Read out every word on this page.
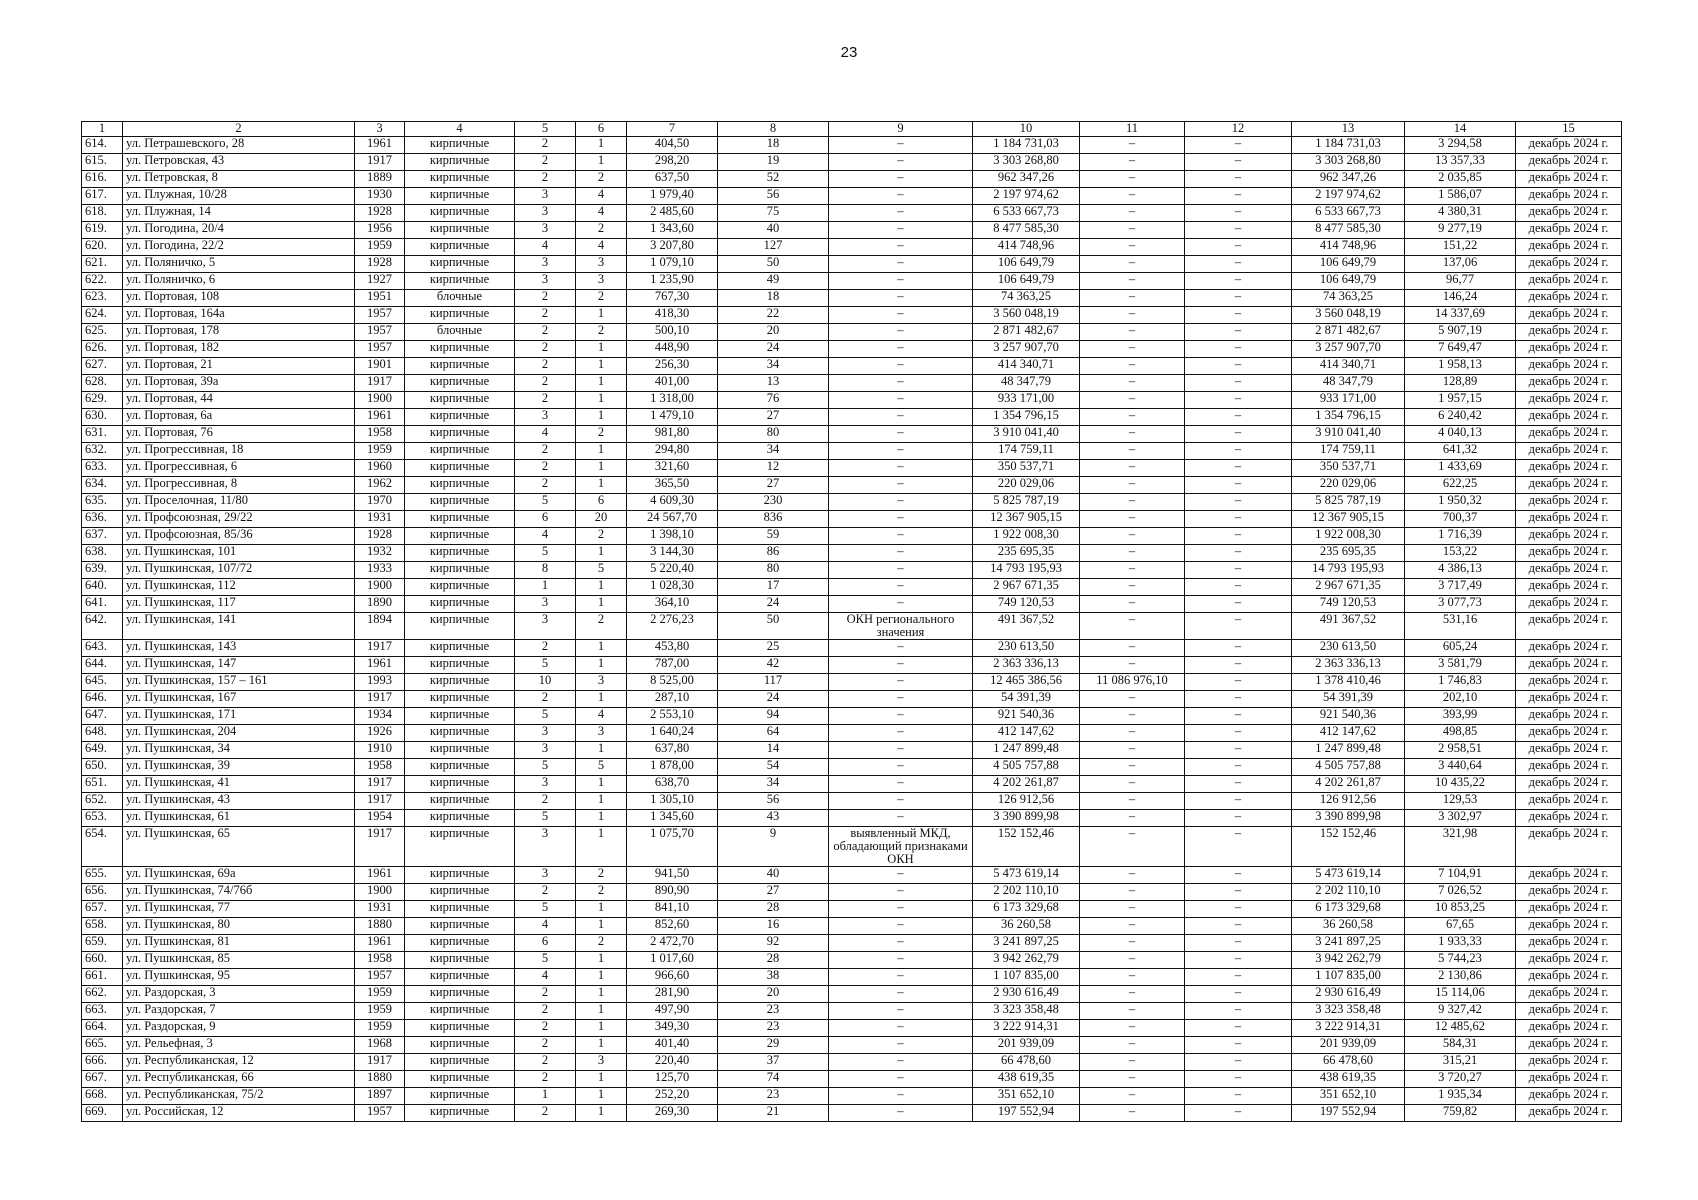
23
1	2	3	4	5	6	7	8	9	10	11	12	13	14	15
614.	ул. Петрашевского, 28	1961	кирпичные	2	1	404,50	18	–	1 184 731,03	–	–	1 184 731,03	3 294,58	декабрь 2024 г.
615.	ул. Петровская, 43	1917	кирпичные	2	1	298,20	19	–	3 303 268,80	–	–	3 303 268,80	13 357,33	декабрь 2024 г.
616.	ул. Петровская, 8	1889	кирпичные	2	2	637,50	52	–	962 347,26	–	–	962 347,26	2 035,85	декабрь 2024 г.
617.	ул. Плужная, 10/28	1930	кирпичные	3	4	1 979,40	56	–	2 197 974,62	–	–	2 197 974,62	1 586,07	декабрь 2024 г.
618.	ул. Плужная, 14	1928	кирпичные	3	4	2 485,60	75	–	6 533 667,73	–	–	6 533 667,73	4 380,31	декабрь 2024 г.
619.	ул. Погодина, 20/4	1956	кирпичные	3	2	1 343,60	40	–	8 477 585,30	–	–	8 477 585,30	9 277,19	декабрь 2024 г.
620.	ул. Погодина, 22/2	1959	кирпичные	4	4	3 207,80	127	–	414 748,96	–	–	414 748,96	151,22	декабрь 2024 г.
621.	ул. Поляничко, 5	1928	кирпичные	3	3	1 079,10	50	–	106 649,79	–	–	106 649,79	137,06	декабрь 2024 г.
622.	ул. Поляничко, 6	1927	кирпичные	3	3	1 235,90	49	–	106 649,79	–	–	106 649,79	96,77	декабрь 2024 г.
623.	ул. Портовая, 108	1951	блочные	2	2	767,30	18	–	74 363,25	–	–	74 363,25	146,24	декабрь 2024 г.
624.	ул. Портовая, 164а	1957	кирпичные	2	1	418,30	22	–	3 560 048,19	–	–	3 560 048,19	14 337,69	декабрь 2024 г.
625.	ул. Портовая, 178	1957	блочные	2	2	500,10	20	–	2 871 482,67	–	–	2 871 482,67	5 907,19	декабрь 2024 г.
626.	ул. Портовая, 182	1957	кирпичные	2	1	448,90	24	–	3 257 907,70	–	–	3 257 907,70	7 649,47	декабрь 2024 г.
627.	ул. Портовая, 21	1901	кирпичные	2	1	256,30	34	–	414 340,71	–	–	414 340,71	1 958,13	декабрь 2024 г.
628.	ул. Портовая, 39а	1917	кирпичные	2	1	401,00	13	–	48 347,79	–	–	48 347,79	128,89	декабрь 2024 г.
629.	ул. Портовая, 44	1900	кирпичные	2	1	1 318,00	76	–	933 171,00	–	–	933 171,00	1 957,15	декабрь 2024 г.
630.	ул. Портовая, 6а	1961	кирпичные	3	1	1 479,10	27	–	1 354 796,15	–	–	1 354 796,15	6 240,42	декабрь 2024 г.
631.	ул. Портовая, 76	1958	кирпичные	4	2	981,80	80	–	3 910 041,40	–	–	3 910 041,40	4 040,13	декабрь 2024 г.
632.	ул. Прогрессивная, 18	1959	кирпичные	2	1	294,80	34	–	174 759,11	–	–	174 759,11	641,32	декабрь 2024 г.
633.	ул. Прогрессивная, 6	1960	кирпичные	2	1	321,60	12	–	350 537,71	–	–	350 537,71	1 433,69	декабрь 2024 г.
634.	ул. Прогрессивная, 8	1962	кирпичные	2	1	365,50	27	–	220 029,06	–	–	220 029,06	622,25	декабрь 2024 г.
635.	ул. Проселочная, 11/80	1970	кирпичные	5	6	4 609,30	230	–	5 825 787,19	–	–	5 825 787,19	1 950,32	декабрь 2024 г.
636.	ул. Профсоюзная, 29/22	1931	кирпичные	6	20	24 567,70	836	–	12 367 905,15	–	–	12 367 905,15	700,37	декабрь 2024 г.
637.	ул. Профсоюзная, 85/36	1928	кирпичные	4	2	1 398,10	59	–	1 922 008,30	–	–	1 922 008,30	1 716,39	декабрь 2024 г.
638.	ул. Пушкинская, 101	1932	кирпичные	5	1	3 144,30	86	–	235 695,35	–	–	235 695,35	153,22	декабрь 2024 г.
639.	ул. Пушкинская, 107/72	1933	кирпичные	8	5	5 220,40	80	–	14 793 195,93	–	–	14 793 195,93	4 386,13	декабрь 2024 г.
640.	ул. Пушкинская, 112	1900	кирпичные	1	1	1 028,30	17	–	2 967 671,35	–	–	2 967 671,35	3 717,49	декабрь 2024 г.
641.	ул. Пушкинская, 117	1890	кирпичные	3	1	364,10	24	–	749 120,53	–	–	749 120,53	3 077,73	декабрь 2024 г.
642.	ул. Пушкинская, 141	1894	кирпичные	3	2	2 276,23	50	ОКН регионального значения	491 367,52	–	–	491 367,52	531,16	декабрь 2024 г.
643.	ул. Пушкинская, 143	1917	кирпичные	2	1	453,80	25	–	230 613,50	–	–	230 613,50	605,24	декабрь 2024 г.
644.	ул. Пушкинская, 147	1961	кирпичные	5	1	787,00	42	–	2 363 336,13	–	–	2 363 336,13	3 581,79	декабрь 2024 г.
645.	ул. Пушкинская, 157 – 161	1993	кирпичные	10	3	8 525,00	117	–	12 465 386,56	11 086 976,10	–	1 378 410,46	1 746,83	декабрь 2024 г.
646.	ул. Пушкинская, 167	1917	кирпичные	2	1	287,10	24	–	54 391,39	–	–	54 391,39	202,10	декабрь 2024 г.
647.	ул. Пушкинская, 171	1934	кирпичные	5	4	2 553,10	94	–	921 540,36	–	–	921 540,36	393,99	декабрь 2024 г.
648.	ул. Пушкинская, 204	1926	кирпичные	3	3	1 640,24	64	–	412 147,62	–	–	412 147,62	498,85	декабрь 2024 г.
649.	ул. Пушкинская, 34	1910	кирпичные	3	1	637,80	14	–	1 247 899,48	–	–	1 247 899,48	2 958,51	декабрь 2024 г.
650.	ул. Пушкинская, 39	1958	кирпичные	5	5	1 878,00	54	–	4 505 757,88	–	–	4 505 757,88	3 440,64	декабрь 2024 г.
651.	ул. Пушкинская, 41	1917	кирпичные	3	1	638,70	34	–	4 202 261,87	–	–	4 202 261,87	10 435,22	декабрь 2024 г.
652.	ул. Пушкинская, 43	1917	кирпичные	2	1	1 305,10	56	–	126 912,56	–	–	126 912,56	129,53	декабрь 2024 г.
653.	ул. Пушкинская, 61	1954	кирпичные	5	1	1 345,60	43	–	3 390 899,98	–	–	3 390 899,98	3 302,97	декабрь 2024 г.
654.	ул. Пушкинская, 65	1917	кирпичные	3	1	1 075,70	9	выявленный МКД, обладающий признаками ОКН	152 152,46	–	–	152 152,46	321,98	декабрь 2024 г.
655.	ул. Пушкинская, 69а	1961	кирпичные	3	2	941,50	40	–	5 473 619,14	–	–	5 473 619,14	7 104,91	декабрь 2024 г.
656.	ул. Пушкинская, 74/76б	1900	кирпичные	2	2	890,90	27	–	2 202 110,10	–	–	2 202 110,10	7 026,52	декабрь 2024 г.
657.	ул. Пушкинская, 77	1931	кирпичные	5	1	841,10	28	–	6 173 329,68	–	–	6 173 329,68	10 853,25	декабрь 2024 г.
658.	ул. Пушкинская, 80	1880	кирпичные	4	1	852,60	16	–	36 260,58	–	–	36 260,58	67,65	декабрь 2024 г.
659.	ул. Пушкинская, 81	1961	кирпичные	6	2	2 472,70	92	–	3 241 897,25	–	–	3 241 897,25	1 933,33	декабрь 2024 г.
660.	ул. Пушкинская, 85	1958	кирпичные	5	1	1 017,60	28	–	3 942 262,79	–	–	3 942 262,79	5 744,23	декабрь 2024 г.
661.	ул. Пушкинская, 95	1957	кирпичные	4	1	966,60	38	–	1 107 835,00	–	–	1 107 835,00	2 130,86	декабрь 2024 г.
662.	ул. Раздорская, 3	1959	кирпичные	2	1	281,90	20	–	2 930 616,49	–	–	2 930 616,49	15 114,06	декабрь 2024 г.
663.	ул. Раздорская, 7	1959	кирпичные	2	1	497,90	23	–	3 323 358,48	–	–	3 323 358,48	9 327,42	декабрь 2024 г.
664.	ул. Раздорская, 9	1959	кирпичные	2	1	349,30	23	–	3 222 914,31	–	–	3 222 914,31	12 485,62	декабрь 2024 г.
665.	ул. Рельефная, 3	1968	кирпичные	2	1	401,40	29	–	201 939,09	–	–	201 939,09	584,31	декабрь 2024 г.
666.	ул. Республиканская, 12	1917	кирпичные	2	3	220,40	37	–	66 478,60	–	–	66 478,60	315,21	декабрь 2024 г.
667.	ул. Республиканская, 66	1880	кирпичные	2	1	125,70	74	–	438 619,35	–	–	438 619,35	3 720,27	декабрь 2024 г.
668.	ул. Республиканская, 75/2	1897	кирпичные	1	1	252,20	23	–	351 652,10	–	–	351 652,10	1 935,34	декабрь 2024 г.
669.	ул. Российская, 12	1957	кирпичные	2	1	269,30	21	–	197 552,94	–	–	197 552,94	759,82	декабрь 2024 г.
